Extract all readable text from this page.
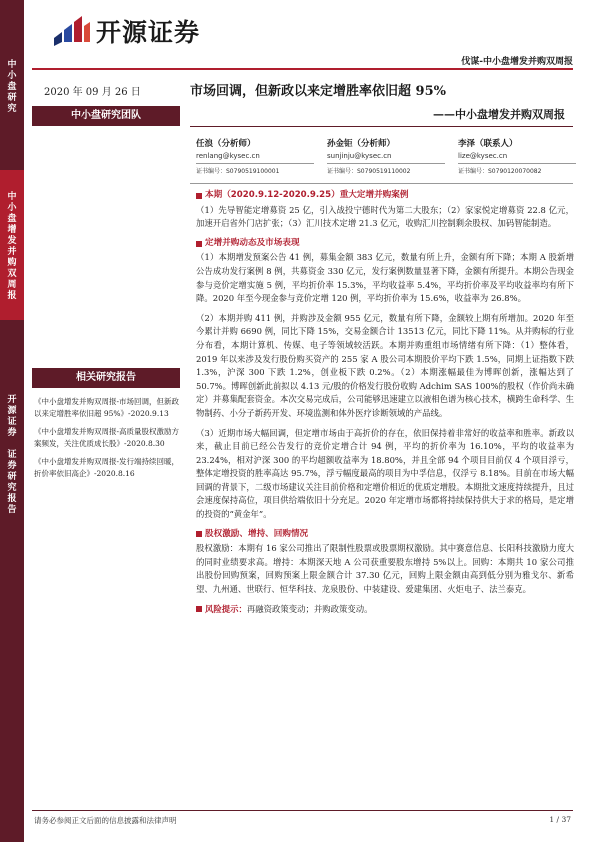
中
小
盘
研
究
中
小
盘
增
发
并
购
双
周
报
开
源
证
券

证
券
研
究
报
告
开源证券
伐谋-中小盘增发并购双周报
2020 年 09 月 26 日
中小盘研究团队
市场回调，但新政以来定增胜率依旧超 95%
——中小盘增发并购双周报
任浪（分析师）
renlang@kysec.cn
证书编号：S0790519100001
孙金钜（分析师）
sunjinju@kysec.cn
证书编号：S0790519110002
李泽（联系人）
lize@kysec.cn
证书编号：S0790120070082
本期（2020.9.12-2020.9.25）重大定增并购案例

（1）先导智能定增募资 25 亿，引入战投宁德时代为第二大股东；（2）家家悦定增募资 22.8 亿元，加速开启省外门店扩张；（3）汇川技术定增 21.3 亿元，收购汇川控制剩余股权、加码智能制造。

定增并购动态及市场表现

（1）本期增发预案公告 41 例，募集金额 383 亿元，数量有所上升，金额有所下降；本期 A 股新增公告成功发行案例 8 例，共募资金 330 亿元，发行案例数量显著下降，金额有所提升。本期公告现金参与竞价定增实施 5 例，平均折价率 15.3%，平均收益率 5.4%，平均折价率及平均收益率均有所下降。2020 年至今现金参与竞价定增 120 例，平均折价率为 15.6%，收益率为 26.8%。

（2）本期并购 411 例，并购涉及金额 955 亿元，数量有所下降，金额较上期有所增加。2020 年至今累计并购 6690 例，同比下降 15%，交易金额合计 13513 亿元，同比下降 11%。从并购标的行业分布看，本期计算机、传媒、电子等领域较活跃。本期并购重组市场情绪有所下降：（1）整体看，2019 年以来涉及发行股份购买资产的 255 家 A 股公司本期股价平均下跌 1.5%，同期上证指数下跌 1.3%，沪深 300 下跌 1.2%，创业板下跌 0.2%。（2）本期涨幅最佳为博晖创新，涨幅达到了 50.7%。博晖创新此前拟以 4.13 元/股的价格发行股份收购 Adchim SAS 100%的股权（作价尚未确定）并募集配套资金。本次交易完成后，公司能够迅速建立以液相色谱为核心技术，横跨生命科学、生物制药、小分子新药开发、环境监测和体外医疗诊断领域的产品线。

（3）近期市场大幅回调，但定增市场由于高折价的存在，依旧保持着非常好的收益率和胜率。新政以来，截止目前已经公告发行的竞价定增合计 94 例，平均的折价率为 16.10%，平均的收益率为 23.24%，相对沪深 300 的平均超额收益率为 18.80%，并且全部 94 个项目目前仅 4 个项目浮亏，整体定增投资的胜率高达 95.7%，浮亏幅度最高的项目为中孚信息，仅浮亏 8.18%。目前在市场大幅回调的背景下，二级市场建议关注目前价格和定增价相近的优质定增股。本期批文速度持续提升，且过会速度保持高位，项目供给端依旧十分充足。2020 年定增市场都将持续保持供大于求的格局，是定增的投资的“黄金年”。

股权激励、增持、回购情况

股权激励：本期有 16 家公司推出了限制性股票或股票期权激励。其中赛意信息、长阳科技激励力度大的同时业绩要求高。增持：本期深天地 A 公司获重要股东增持 5%以上。回购：本期共 10 家公司推出股份回购预案，回购预案上限金额合计 37.30 亿元，回购上限金额由高到低分别为雅戈尔、新希望、九州通、世联行、恒华科技、龙泉股份、中装建设、爱建集团、火炬电子、法兰泰克。

风险提示： 再融资政策变动；并购政策变动。
相关研究报告
《中小盘增发并购双周报-市场回调，但新政以来定增胜率依旧超 95%》-2020.9.13
《中小盘增发并购双周报-高质量股权激励方案频发，关注优质成长股》-2020.8.30
《中小盘增发并购双周报-发行端持续回暖，折价率依旧高企》-2020.8.16
请务必参阅正文后面的信息披露和法律声明	1 / 37
